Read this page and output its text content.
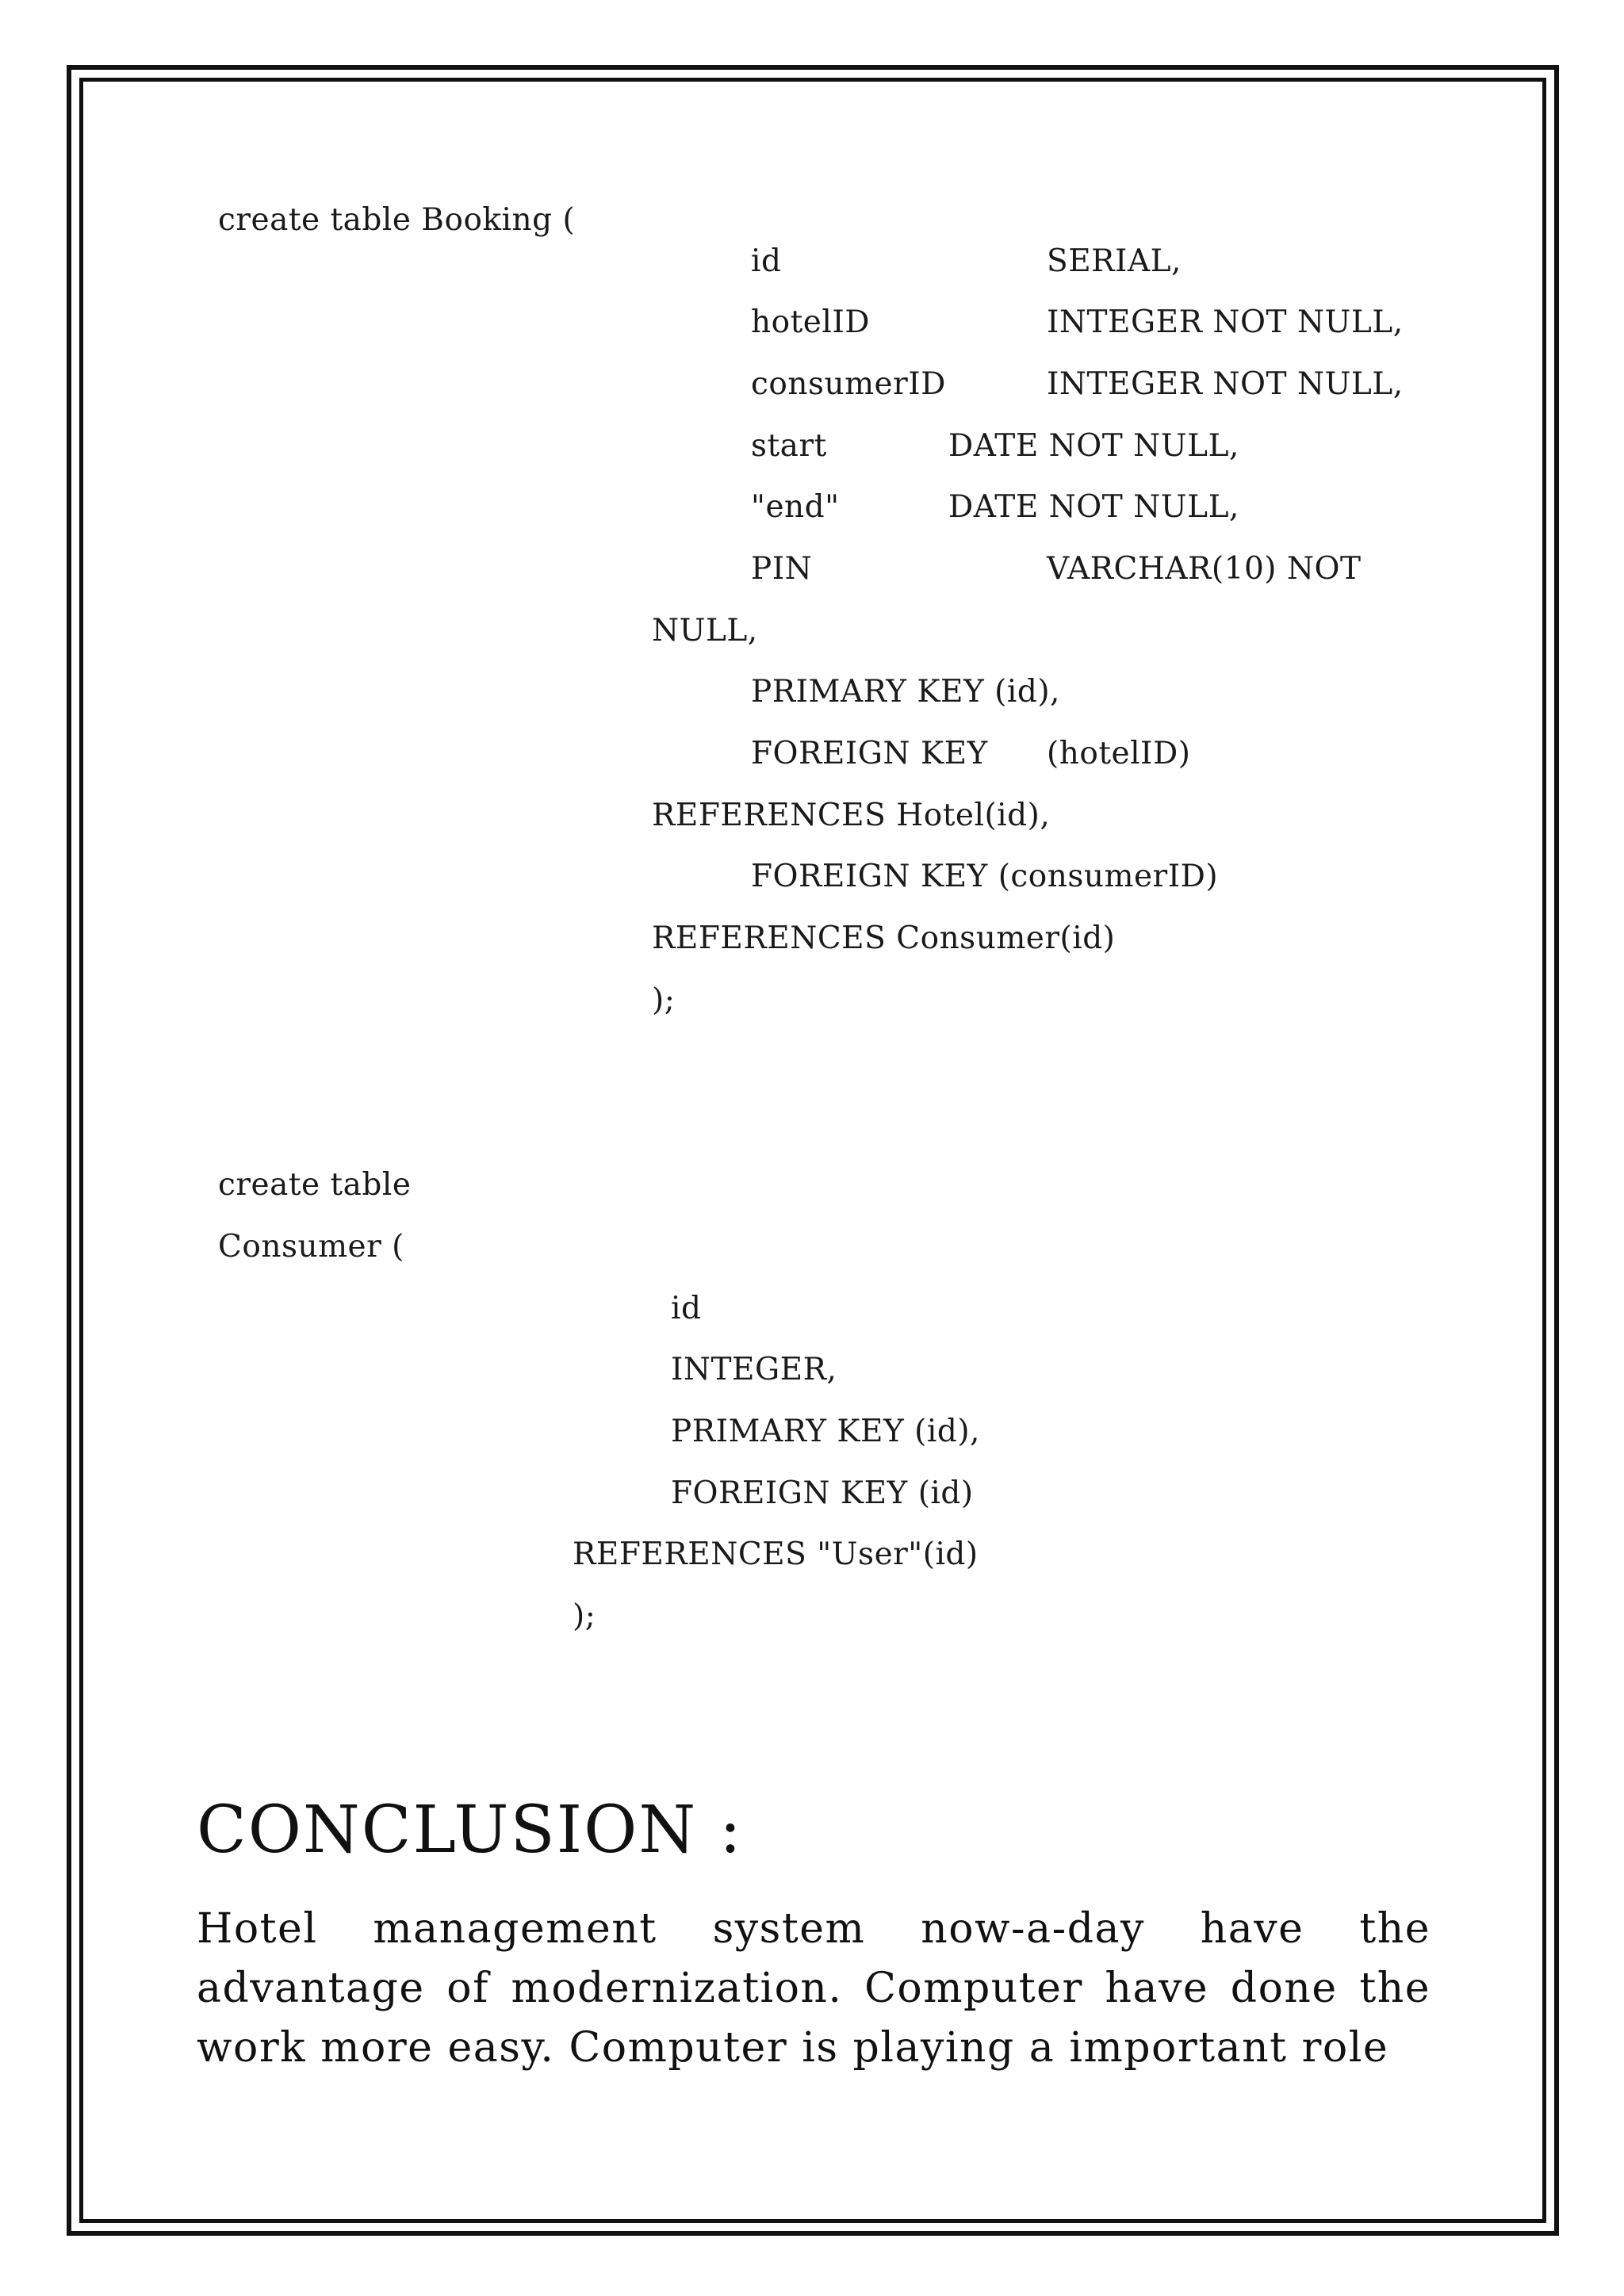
create table Booking (
id	SERIAL,
hotelID	INTEGER NOT NULL,
consumerID	INTEGER NOT NULL,
start	DATE NOT NULL,
"end"	DATE NOT NULL,
PIN	VARCHAR(10) NOT
NULL,
PRIMARY KEY (id),
FOREIGN KEY (hotelID)
REFERENCES Hotel(id),
FOREIGN KEY (consumerID)
REFERENCES Consumer(id)
);
create table
Consumer (
id
INTEGER,
PRIMARY KEY (id),
FOREIGN KEY (id)
REFERENCES "User"(id)
);
CONCLUSION :
Hotel management system now-a-day have the advantage of modernization. Computer have done the work more easy. Computer is playing a important role
